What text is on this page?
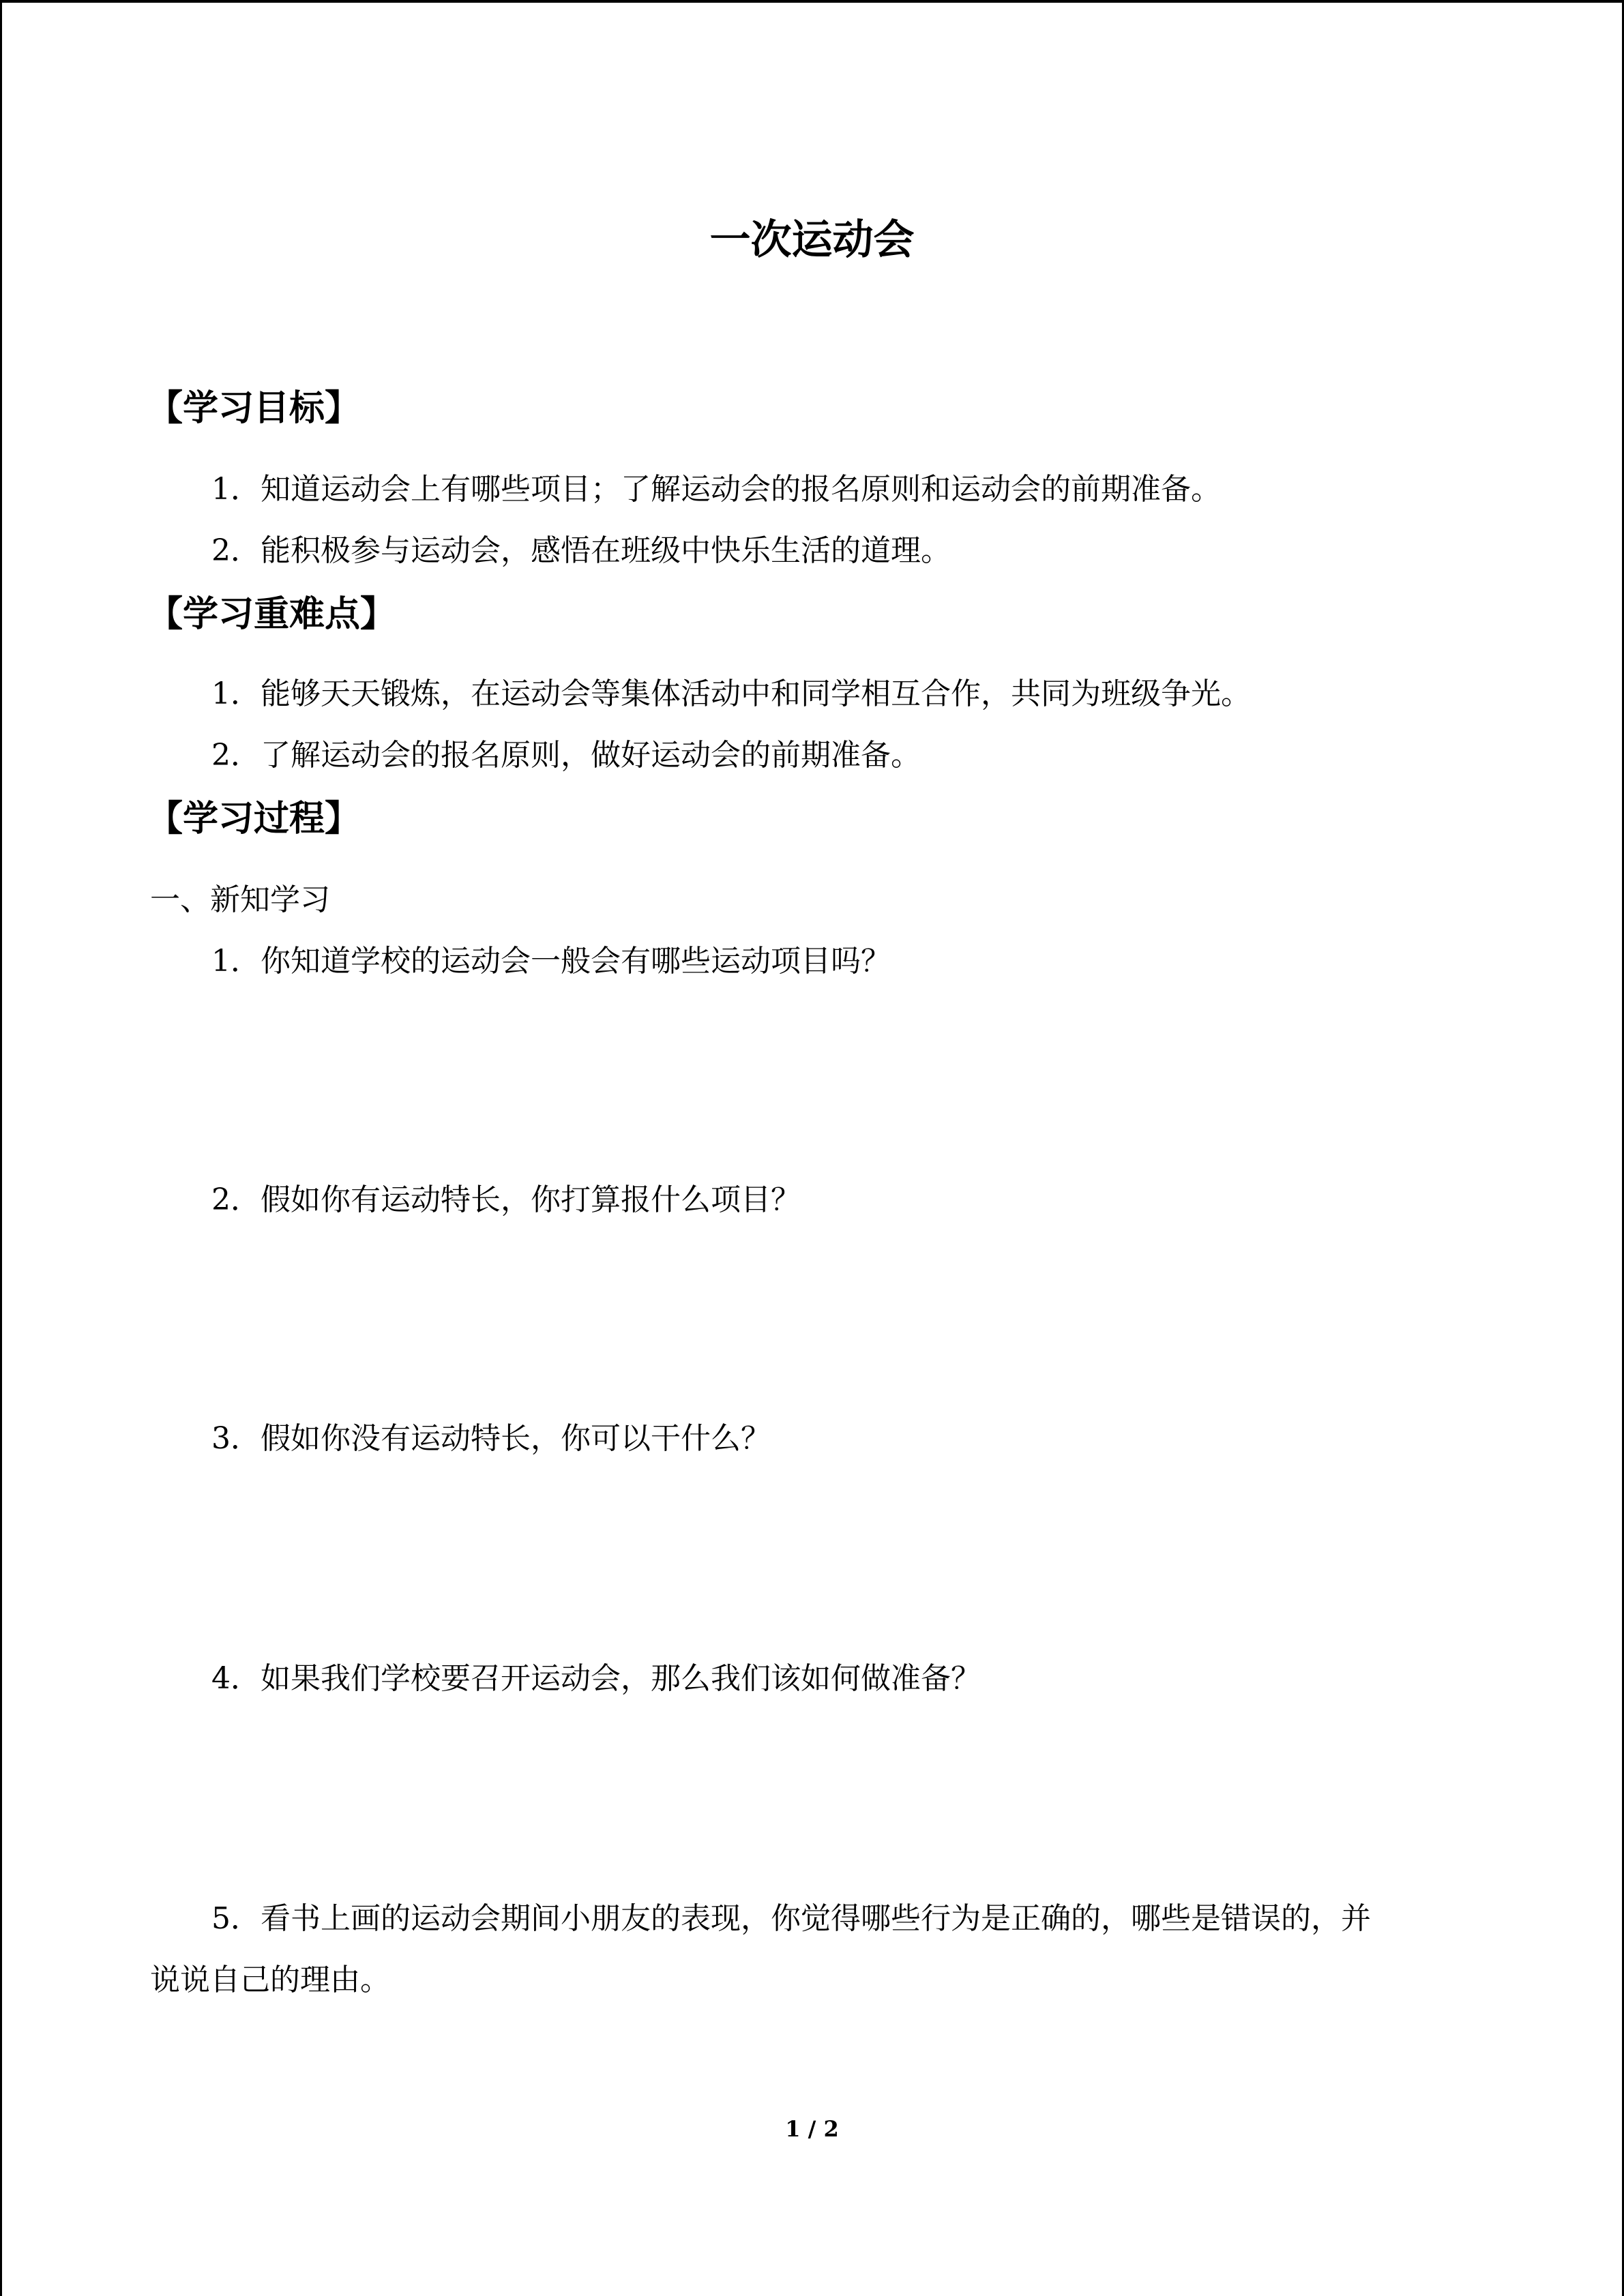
一次运动会
【学习目标】
1．知道运动会上有哪些项目；了解运动会的报名原则和运动会的前期准备。
2．能积极参与运动会，感悟在班级中快乐生活的道理。
【学习重难点】
1．能够天天锻炼，在运动会等集体活动中和同学相互合作，共同为班级争光。
2．了解运动会的报名原则，做好运动会的前期准备。
【学习过程】
一、新知学习
1．你知道学校的运动会一般会有哪些运动项目吗？
2．假如你有运动特长，你打算报什么项目？
3．假如你没有运动特长，你可以干什么？
4．如果我们学校要召开运动会，那么我们该如何做准备？
5．看书上画的运动会期间小朋友的表现，你觉得哪些行为是正确的，哪些是错误的，并
说说自己的理由。
1 / 2
